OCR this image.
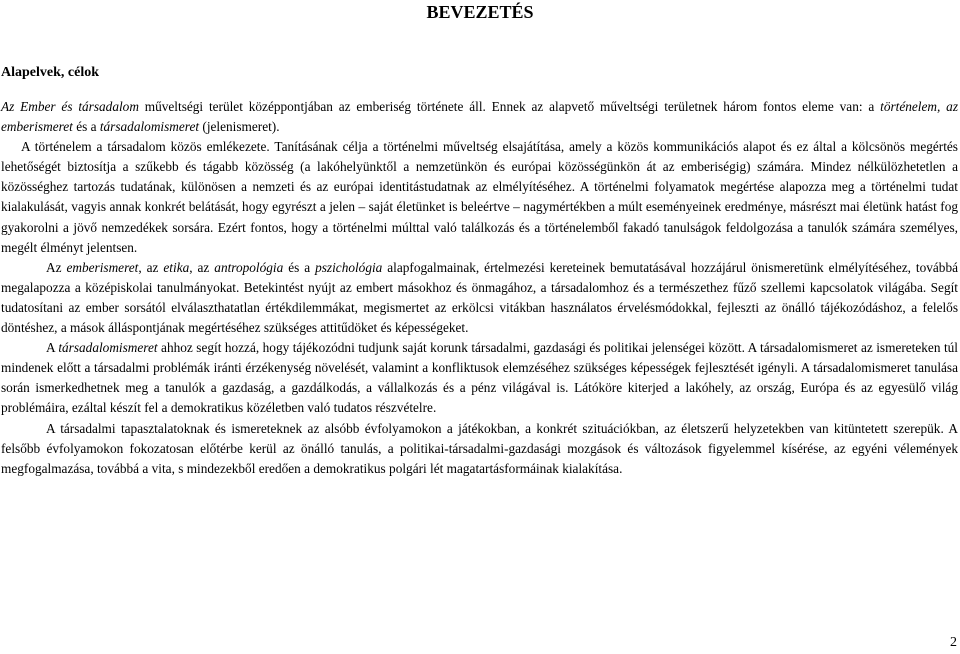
BEVEZETÉS
Alapelvek, célok

Az Ember és társadalom műveltségi terület középpontjában az emberiség története áll. Ennek az alapvető műveltségi területnek három fontos eleme van: a történelem, az emberismeret és a társadalomismeret (jelenismeret).

A történelem a társadalom közös emlékezete. Tanításának célja a történelmi műveltség elsajátítása, amely a közös kommunikációs alapot és ez által a kölcsönös megértés lehetőségét biztosítja a szűkebb és tágabb közösség (a lakóhelyünktől a nemzetünkön és európai közösségünkön át az emberiségig) számára. Mindez nélkülözhetetlen a közösséghez tartozás tudatának, különösen a nemzeti és az európai identitástudatnak az elmélyítéséhez. A történelmi folyamatok megértése alapozza meg a történelmi tudat kialakulását, vagyis annak konkrét belátását, hogy egyrészt a jelen – saját életünket is beleértve – nagymértékben a múlt eseményeinek eredménye, másrészt mai életünk hatást fog gyakorolni a jövő nemzedékek sorsára. Ezért fontos, hogy a történelmi múlttal való találkozás és a történelemből fakadó tanulságok feldolgozása a tanulók számára személyes, megélt élményt jelentsen.

Az emberismeret, az etika, az antropológia és a pszichológia alapfogalmainak, értelmezési kereteinek bemutatásával hozzájárul önismeretünk elmélyítéséhez, továbbá megalapozza a középiskolai tanulmányokat. Betekintést nyújt az embert másokhoz és önmagához, a társadalomhoz és a természethez fűző szellemi kapcsolatok világába. Segít tudatosítani az ember sorsától elválaszthatatlan értékdilemmákat, megismertet az erkölcsi vitákban használatos érvelésmódokkal, fejleszti az önálló tájékozódáshoz, a felelős döntéshez, a mások álláspontjának megértéséhez szükséges attitűdöket és képességeket.

A társadalomismeret ahhoz segít hozzá, hogy tájékozódni tudjunk saját korunk társadalmi, gazdasági és politikai jelenségei között. A társadalomismeret az ismereteken túl mindenek előtt a társadalmi problémák iránti érzékenység növelését, valamint a konfliktusok elemzéséhez szükséges képességek fejlesztését igényli. A társadalomismeret tanulása során ismerkedhetnek meg a tanulók a gazdaság, a gazdálkodás, a vállalkozás és a pénz világával is. Látóköre kiterjed a lakóhely, az ország, Európa és az egyesülő világ problémáira, ezáltal készít fel a demokratikus közéletben való tudatos részvételre.

A társadalmi tapasztalatoknak és ismereteknek az alsóbb évfolyamokon a játékokban, a konkrét szituációkban, az életszerű helyzetekben van kitüntetett szerepük. A felsőbb évfolyamokon fokozatosan előtérbe kerül az önálló tanulás, a politikai-társadalmi-gazdasági mozgások és változások figyelemmel kísérése, az egyéni vélemények megfogalmazása, továbbá a vita, s mindezekből eredően a demokratikus polgári lét magatartásformáinak kialakítása.

2
